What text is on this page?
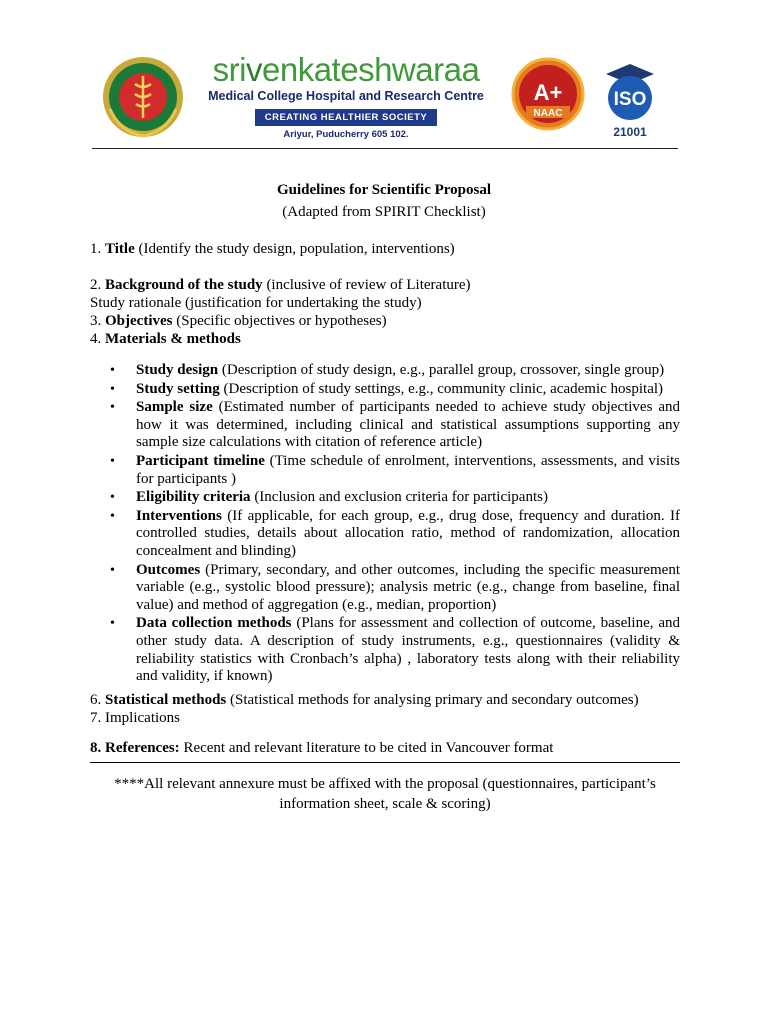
srivenkateshwaraa
Medical College Hospital and Research Centre
CREATING HEALTHIER SOCIETY
Ariyur, Puducherry 605 102.
A+
NAAC
ISO
21001
Guidelines for Scientific Proposal
(Adapted from SPIRIT Checklist)
1. Title (Identify the study design, population, interventions)
2. Background of the study (inclusive of review of Literature)
Study rationale (justification for undertaking the study)
3. Objectives (Specific objectives or hypotheses)
4. Materials & methods
• Study design (Description of study design, e.g., parallel group, crossover, single group)
• Study setting (Description of study settings, e.g., community clinic, academic hospital)
• Sample size (Estimated number of participants needed to achieve study objectives and how it was determined, including clinical and statistical assumptions supporting any sample size calculations with citation of reference article)
• Participant timeline (Time schedule of enrolment, interventions, assessments, and visits for participants )
• Eligibility criteria (Inclusion and exclusion criteria for participants)
• Interventions (If applicable, for each group, e.g., drug dose, frequency and duration. If controlled studies, details about allocation ratio, method of randomization, allocation concealment and blinding)
• Outcomes (Primary, secondary, and other outcomes, including the specific measurement variable (e.g., systolic blood pressure); analysis metric (e.g., change from baseline, final value) and method of aggregation (e.g., median, proportion)
• Data collection methods (Plans for assessment and collection of outcome, baseline, and other study data. A description of study instruments, e.g., questionnaires (validity & reliability statistics with Cronbach’s alpha) , laboratory tests along with their reliability and validity, if known)
6. Statistical methods (Statistical methods for analysing primary and secondary outcomes)
7. Implications
8. References: Recent and relevant literature to be cited in Vancouver format
****All relevant annexure must be affixed with the proposal (questionnaires, participant’s information sheet, scale & scoring)
